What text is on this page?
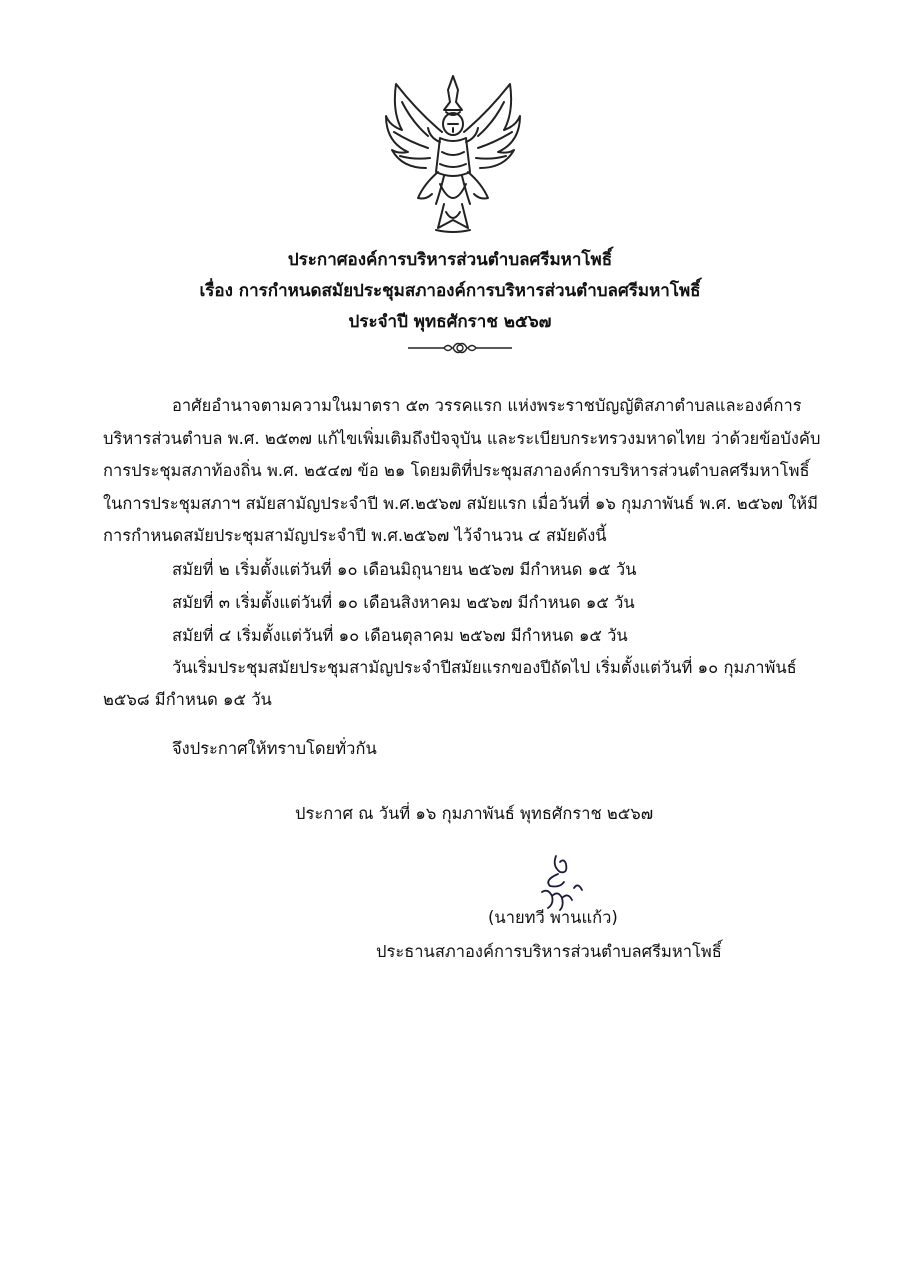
ประกาศองค์การบริหารส่วนตำบลศรีมหาโพธิ์
เรื่อง การกำหนดสมัยประชุมสภาองค์การบริหารส่วนตำบลศรีมหาโพธิ์
ประจำปี พุทธศักราช ๒๕๖๗
อาศัยอำนาจตามความในมาตรา ๕๓ วรรคแรก แห่งพระราชบัญญัติสภาตำบลและองค์การ
บริหารส่วนตำบล พ.ศ. ๒๕๓๗ แก้ไขเพิ่มเติมถึงปัจจุบัน และระเบียบกระทรวงมหาดไทย ว่าด้วยข้อบังคับ
การประชุมสภาท้องถิ่น พ.ศ. ๒๕๔๗ ข้อ ๒๑ โดยมติที่ประชุมสภาองค์การบริหารส่วนตำบลศรีมหาโพธิ์
ในการประชุมสภาฯ สมัยสามัญประจำปี พ.ศ.๒๕๖๗ สมัยแรก เมื่อวันที่ ๑๖ กุมภาพันธ์ พ.ศ. ๒๕๖๗ ให้มี
การกำหนดสมัยประชุมสามัญประจำปี พ.ศ.๒๕๖๗ ไว้จำนวน ๔ สมัยดังนี้
สมัยที่ ๒ เริ่มตั้งแต่วันที่ ๑๐ เดือนมิถุนายน ๒๕๖๗ มีกำหนด ๑๕ วัน
สมัยที่ ๓ เริ่มตั้งแต่วันที่ ๑๐ เดือนสิงหาคม ๒๕๖๗ มีกำหนด ๑๕ วัน
สมัยที่ ๔ เริ่มตั้งแต่วันที่ ๑๐ เดือนตุลาคม ๒๕๖๗ มีกำหนด ๑๕ วัน
วันเริ่มประชุมสมัยประชุมสามัญประจำปีสมัยแรกของปีถัดไป เริ่มตั้งแต่วันที่ ๑๐ กุมภาพันธ์
๒๕๖๘ มีกำหนด ๑๕ วัน
จึงประกาศให้ทราบโดยทั่วกัน
ประกาศ ณ วันที่ ๑๖ กุมภาพันธ์ พุทธศักราช ๒๕๖๗
(นายทวี พานแก้ว)
ประธานสภาองค์การบริหารส่วนตำบลศรีมหาโพธิ์
